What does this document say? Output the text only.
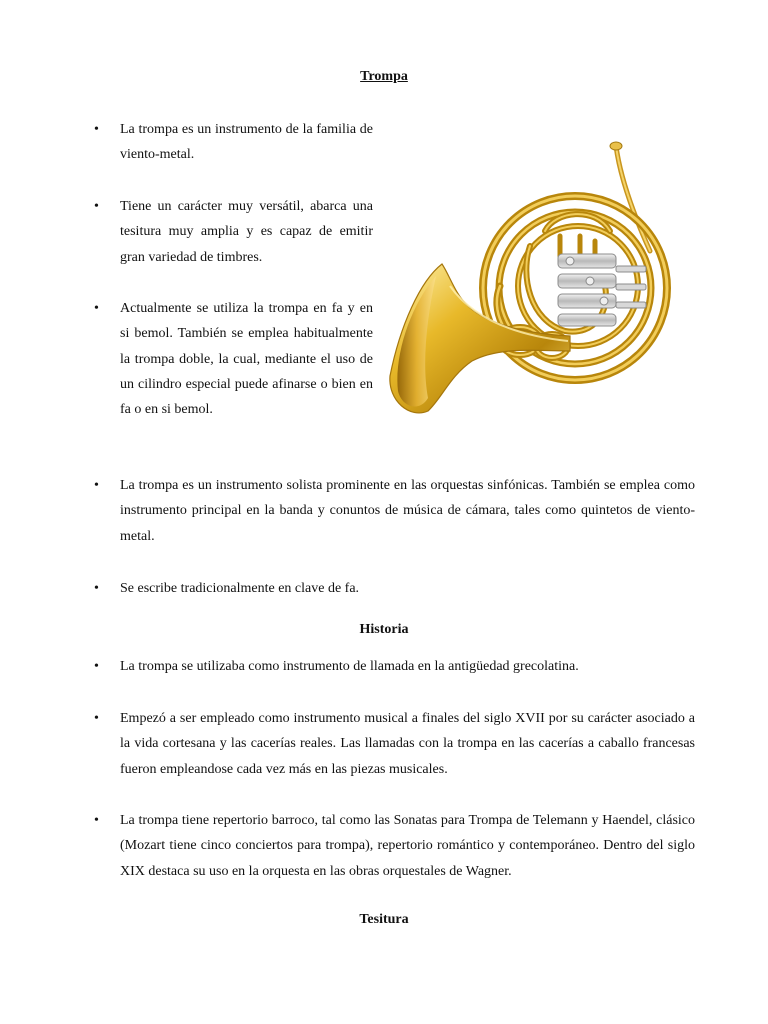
Trompa
• La trompa es un instrumento de la familia de viento-metal.
• Tiene un carácter muy versátil, abarca una tesitura muy amplia y es capaz de emitir gran variedad de timbres.
• Actualmente se utiliza la trompa en fa y en si bemol. También se emplea habitualmente la trompa doble, la cual, mediante el uso de un cilindro especial puede afinarse o bien en fa o en si bemol.
• La trompa es un instrumento solista prominente en las orquestas sinfónicas. También se emplea como instrumento principal en la banda y conuntos de música de cámara, tales como quintetos de viento-metal.
• Se escribe tradicionalmente en clave de fa.
Historia
• La trompa se utilizaba como instrumento de llamada en la antigüedad grecolatina.
• Empezó a ser empleado como instrumento musical a finales del siglo XVII por su carácter asociado a la vida cortesana y las cacerías reales. Las llamadas con la trompa en las cacerías a caballo francesas fueron empleandose cada vez más en las piezas musicales.
• La trompa tiene repertorio barroco, tal como las Sonatas para Trompa de Telemann y Haendel, clásico (Mozart tiene cinco conciertos para trompa), repertorio romántico y contemporáneo. Dentro del siglo XIX destaca su uso en la orquesta en las obras orquestales de Wagner.
Tesitura
